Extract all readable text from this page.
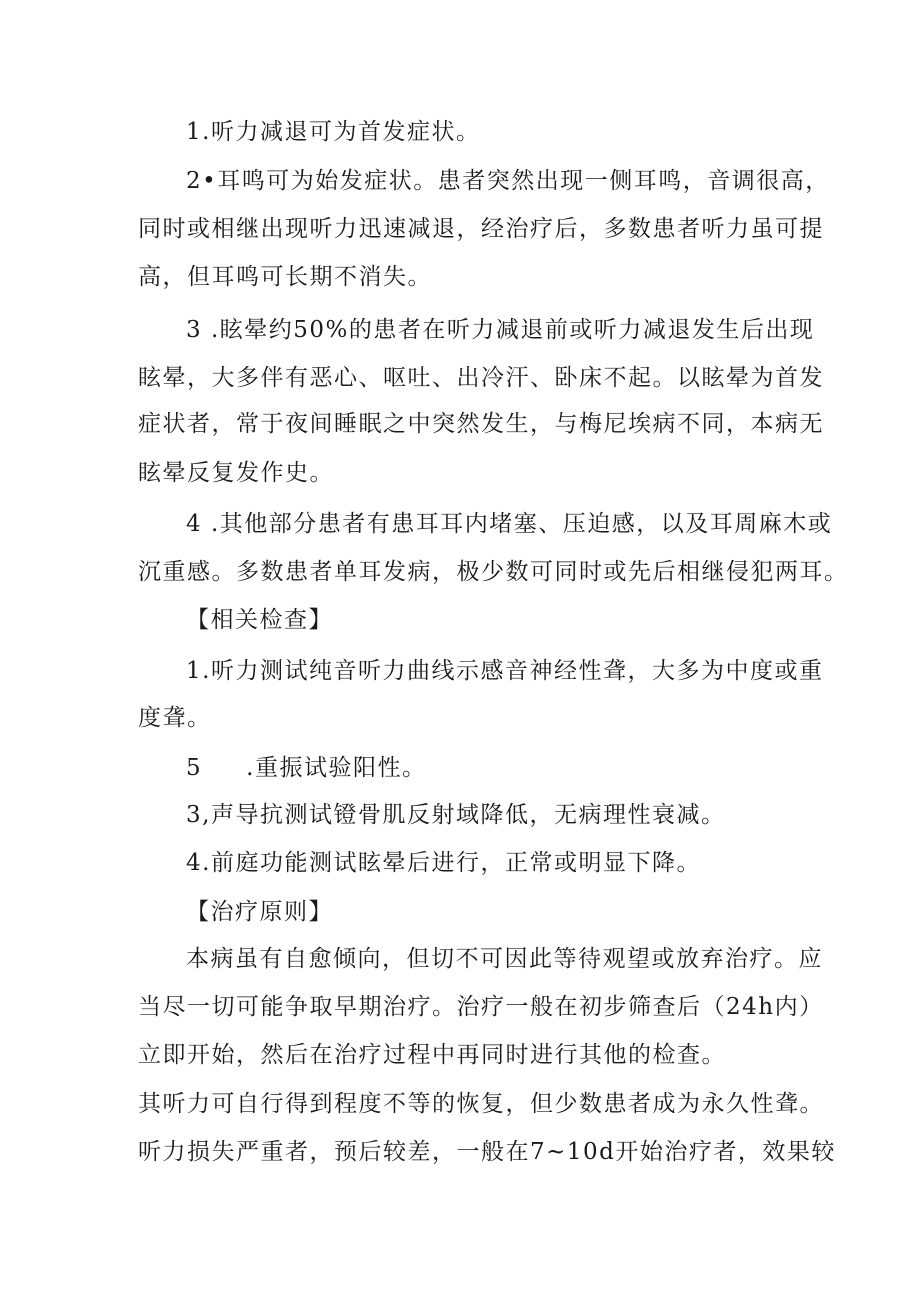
1.听力减退可为首发症状。
2•耳鸣可为始发症状。患者突然出现一侧耳鸣，音调很高，
同时或相继出现听力迅速减退，经治疗后，多数患者听力虽可提
高，但耳鸣可长期不消失。
3 .眩晕约50%的患者在听力减退前或听力减退发生后出现
眩晕，大多伴有恶心、呕吐、出冷汗、卧床不起。以眩晕为首发
症状者，常于夜间睡眠之中突然发生，与梅尼埃病不同，本病无
眩晕反复发作史。
4 .其他部分患者有患耳耳内堵塞、压迫感，以及耳周麻木或
沉重感。多数患者单耳发病，极少数可同时或先后相继侵犯两耳。
【相关检查】
1.听力测试纯音听力曲线示感音神经性聋，大多为中度或重
度聋。
5 .重振试验阳性。
3,声导抗测试镫骨肌反射域降低，无病理性衰减。
4.前庭功能测试眩晕后进行，正常或明显下降。
【治疗原则】
本病虽有自愈倾向，但切不可因此等待观望或放弃治疗。应
当尽一切可能争取早期治疗。治疗一般在初步筛查后（24h内）
立即开始，然后在治疗过程中再同时进行其他的检查。
其听力可自行得到程度不等的恢复，但少数患者成为永久性聋。
听力损失严重者，预后较差，一般在7~10d开始治疗者，效果较
